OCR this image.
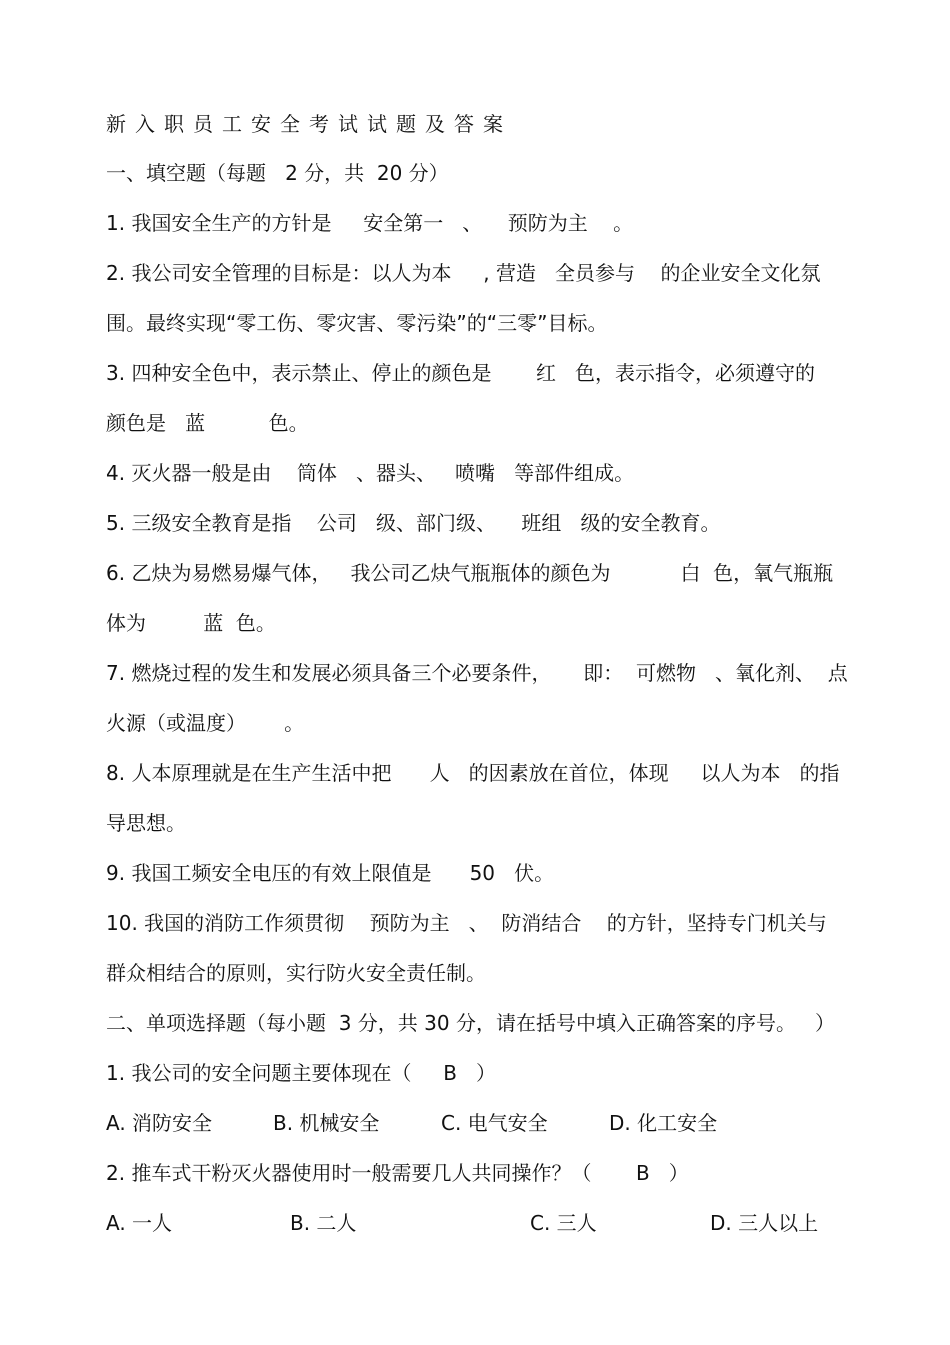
新入职员工安全考试试题及答案
一、填空题（每题   2 分，共  20 分）
1. 我国安全生产的方针是     安全第一   、    预防为主    。
2. 我公司安全管理的目标是：以人为本     , 营造   全员参与    的企业安全文化氛
围。最终实现“零工伤、零灾害、零污染”的“三零”目标。
3. 四种安全色中，表示禁止、停止的颜色是       红   色，表示指令，必须遵守的
颜色是   蓝          色。
4. 灭火器一般是由    筒体   、器头、   喷嘴   等部件组成。
5. 三级安全教育是指    公司   级、部门级、    班组   级的安全教育。
6. 乙炔为易燃易爆气体，   我公司乙炔气瓶瓶体的颜色为           白  色，氧气瓶瓶
体为         蓝  色。
7. 燃烧过程的发生和发展必须具备三个必要条件，     即：  可燃物   、氧化剂、  点
火源（或温度）      。
8. 人本原理就是在生产生活中把      人   的因素放在首位，体现     以人为本   的指
导思想。
9. 我国工频安全电压的有效上限值是      50   伏。
10. 我国的消防工作须贯彻    预防为主   、  防消结合    的方针，坚持专门机关与
群众相结合的原则，实行防火安全责任制。
二、单项选择题（每小题  3 分，共 30 分，请在括号中填入正确答案的序号。   ）
1. 我公司的安全问题主要体现在（     B   ）
A. 消防安全	B. 机械安全	C. 电气安全	D. 化工安全
2. 推车式干粉灭火器使用时一般需要几人共同操作？（       B   ）
A. 一人	B. 二人	C. 三人	D. 三人以上
